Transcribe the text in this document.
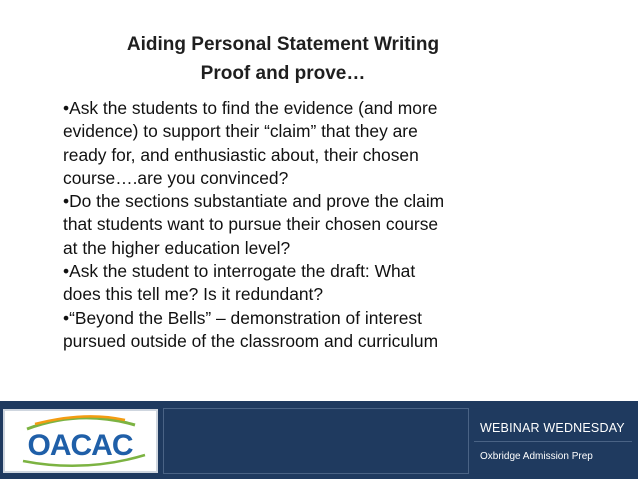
Aiding Personal Statement Writing
Proof and prove…
•Ask the students to find the evidence (and more
evidence) to support their “claim” that they are
ready for, and enthusiastic about, their chosen
course….are you convinced?
•Do the sections substantiate and prove the claim
that students want to pursue their chosen course
at the higher education level?
•Ask the student to interrogate the draft: What
does this tell me? Is it redundant?
•“Beyond the Bells” – demonstration of interest
pursued outside of the classroom and curriculum
OACAC
WEBINAR WEDNESDAY
Oxbridge Admission Prep
